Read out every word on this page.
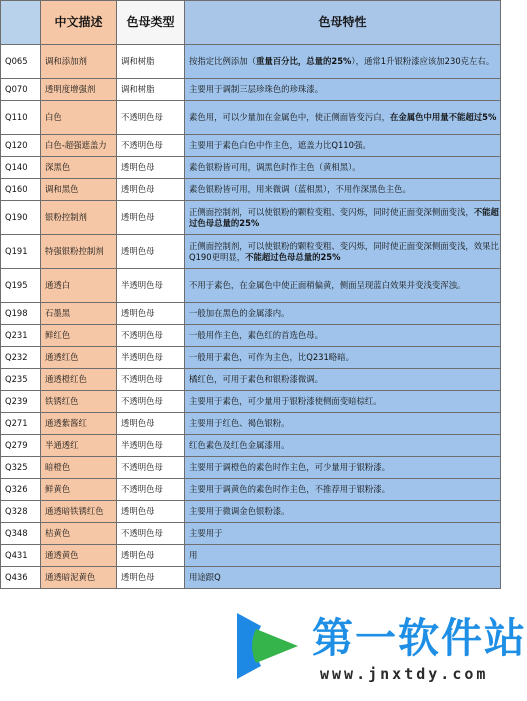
	中文描述	色母类型	色母特性
Q065	调和添加剂	调和树脂	按指定比例添加（重量百分比，总量的25%），通常1升银粉漆应该加230克左右。
Q070	透明度增强剂	调和树脂	主要用于调制三层珍珠色的珍珠漆。
Q110	白色	不透明色母	素色用，可以少量加在金属色中，使正侧面皆变污白，在金属色中用量不能超过5%
Q120	白色-超强遮盖力	不透明色母	主要用于素色白色中作主色，遮盖力比Q110强。
Q140	深黑色	透明色母	素色银粉皆可用，调黑色时作主色（黄相黑）。
Q160	调和黑色	透明色母	素色银粉皆可用，用来微调（蓝相黑），不用作深黑色主色。
Q190	银粉控制剂	透明色母	正侧面控制剂，可以使银粉的颗粒变粗、变闪烁，同时使正面变深侧面变浅，不能超过色母总量的25%
Q191	特强银粉控制剂	透明色母	正侧面控制剂，可以使银粉的颗粒变粗、变闪烁，同时使正面变深侧面变浅，效果比Q190更明显，不能超过色母总量的25%
Q195	通透白	半透明色母	不用于素色，在金属色中使正面稍偏黄，侧面呈现蓝白效果并变浅变浑浊。
Q198	石墨黑	透明色母	一般加在黑色的金属漆内。
Q231	鲜红色	不透明色母	一般用作主色，素色红的首选色母。
Q232	通透红色	半透明色母	一般用于素色，可作为主色，比Q231略暗。
Q235	通透橙红色	不透明色母	橘红色，可用于素色和银粉漆微调。
Q239	铁锈红色	不透明色母	主要用于素色，可少量用于银粉漆使侧面变暗棕红。
Q271	通透紫酱红	透明色母	主要用于红色、褐色银粉。
Q279	半通透红	半透明色母	红色素色及红色金属漆用。
Q325	暗橙色	不透明色母	主要用于调橙色的素色时作主色，可少量用于银粉漆。
Q326	鲜黄色	不透明色母	主要用于调黄色的素色时作主色，不推荐用于银粉漆。
Q328	通透暗铁锈红色	透明色母	主要用于微调金色银粉漆。
Q348	桔黄色	不透明色母	主要用于
Q431	通透黄色	透明色母	用
Q436	通透暗泥黄色	透明色母	用途跟Q
第一软件站
www.jnxtdy.com
